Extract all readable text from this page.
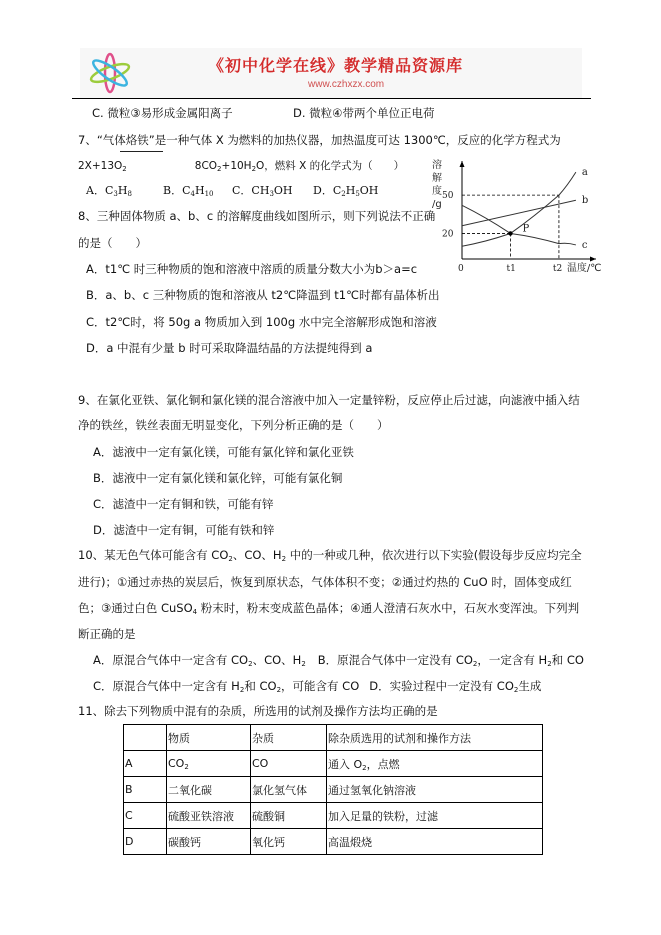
《初中化学在线》教学精品资源库
www.czhxzx.com
C. 微粒③易形成金属阳离子	D. 微粒④带两个单位正电荷
7、“气体烙铁”是一种气体 X 为燃料的加热仪器，加热温度可达 1300℃，反应的化学方程式为
$2X+13O_2$	$8CO_2+10H_2O$，燃料 X 的化学式为（　　）
A．$C_3H_8$	B．$C_4H_{10}$ C．$CH_3OH$ D．$C_2H_5OH$
8、三种固体物质 a、b、c 的溶解度曲线如图所示，则下列说法不正确
的是（　　）
A．t1℃ 时三种物质的饱和溶液中溶质的质量分数大小为b＞a=c
B．a、b、c 三种物质的饱和溶液从 t2℃降温到 t1℃时都有晶体析出
C．t2℃时，将 50g a 物质加入到 100g 水中完全溶解形成饱和溶液
D．a 中混有少量 b 时可采取降温结晶的方法提纯得到 a
溶
解
度
/g
温度/℃
0	t1	t2
20
50
a
b
c
P
9、在氯化亚铁、氯化铜和氯化镁的混合溶液中加入一定量锌粉，反应停止后过滤，向滤液中插入结
净的铁丝，铁丝表面无明显变化，下列分析正确的是（　　）
A．滤液中一定有氯化镁，可能有氯化锌和氯化亚铁
B．滤液中一定有氯化镁和氯化锌，可能有氯化铜
C．滤渣中一定有铜和铁，可能有锌
D．滤渣中一定有铜，可能有铁和锌
10、某无色气体可能含有 $CO_2$、CO、$H_2$ 中的一种或几种，依次进行以下实验(假设每步反应均完全
进行)；①通过赤热的炭层后，恢复到原状态，气体体积不变；②通过灼热的 CuO 时，固体变成红
色；③通过白色 CuSO$_4$ 粉末时，粉末变成蓝色晶体；④通人澄清石灰水中，石灰水变浑浊。下列判
断正确的是
A．原混合气体中一定含有 $CO_2$、CO、$H_2$ B．原混合气体中一定没有 $CO_2$，一定含有 $H_2$和 CO
C．原混合气体中一定含有 $H_2$和 $CO_2$，可能含有 CO D．实验过程中一定没有 $CO_2$生成
11、除去下列物质中混有的杂质，所选用的试剂及操作方法均正确的是
	物质	杂质	除杂质选用的试剂和操作方法
A	$CO_2$	CO	通入 $O_2$，点燃
B	二氧化碳	氯化氢气体	通过氢氧化钠溶液
C	硫酸亚铁溶液	硫酸铜	加入足量的铁粉，过滤
D	碳酸钙	氧化钙	高温煅烧
